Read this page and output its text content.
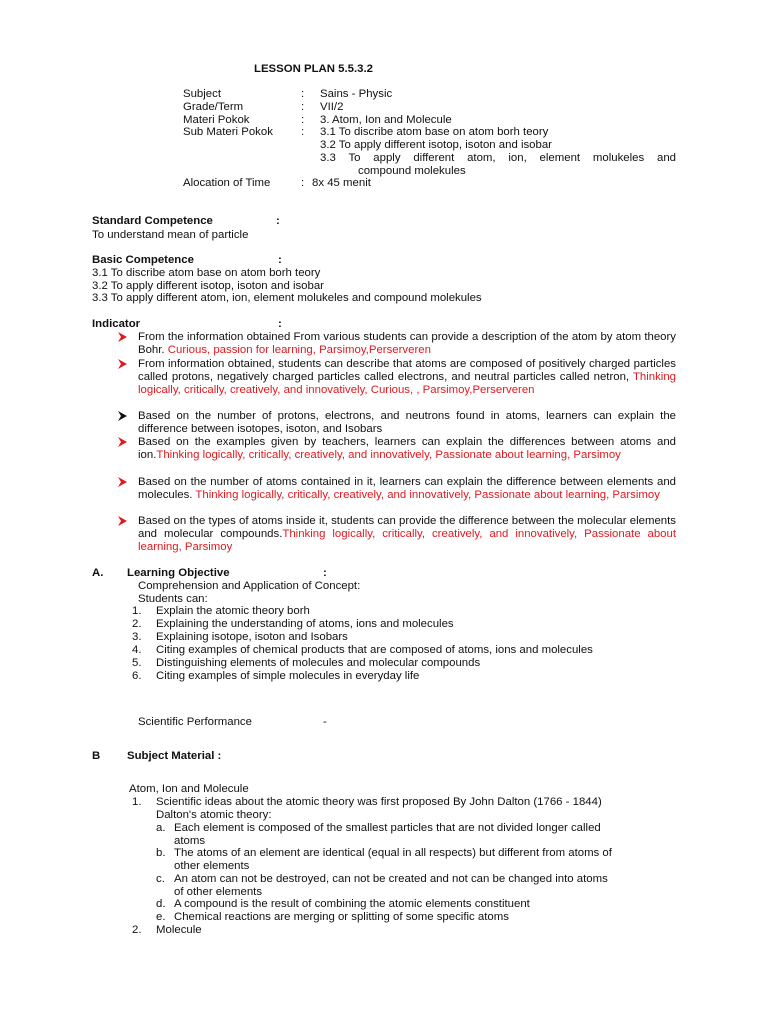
LESSON PLAN 5.5.3.2
Subject	: Sains - Physic
Grade/Term	: VII/2
Materi Pokok	: 3. Atom, Ion and Molecule
Sub Materi Pokok : 3.1 To discribe atom base on atom borh teory
3.2 To apply different isotop, isoton and isobar
3.3 To apply different atom, ion, element molukeles and
compound molekules
Alocation of Time	: 8x 45 menit
Standard Competence	:
To understand mean of particle
Basic Competence	:
3.1 To discribe atom base on atom borh teory
3.2 To apply different isotop, isoton and isobar
3.3 To apply different atom, ion, element molukeles and compound molekules
Indicator	:
From the information obtained From various students can provide a description of the atom by atom theory Bohr. Curious, passion for learning, Parsimoy,Perserveren
From information obtained, students can describe that atoms are composed of positively charged particles called protons, negatively charged particles called electrons, and neutral particles called netron, Thinking logically, critically, creatively, and innovatively, Curious, , Parsimoy,Perserveren
Based on the number of protons, electrons, and neutrons found in atoms, learners can explain the difference between isotopes, isoton, and Isobars
Based on the examples given by teachers, learners can explain the differences between atoms and ion.Thinking logically, critically, creatively, and innovatively, Passionate about learning, Parsimoy
Based on the number of atoms contained in it, learners can explain the difference between elements and molecules. Thinking logically, critically, creatively, and innovatively, Passionate about learning, Parsimoy
Based on the types of atoms inside it, students can provide the difference between the molecular elements and molecular compounds.Thinking logically, critically, creatively, and innovatively, Passionate about learning, Parsimoy
A. Learning Objective	:
Comprehension and Application of Concept:
Students can:
1. Explain the atomic theory borh
2. Explaining the understanding of atoms, ions and molecules
3. Explaining isotope, isoton and Isobars
4. Citing examples of chemical products that are composed of atoms, ions and molecules
5. Distinguishing elements of molecules and molecular compounds
6. Citing examples of simple molecules in everyday life
Scientific Performance	-
B Subject Material :
Atom, Ion and Molecule
1. Scientific ideas about the atomic theory was first proposed By John Dalton (1766 - 1844)
Dalton's atomic theory:
a. Each element is composed of the smallest particles that are not divided longer called
atoms
b. The atoms of an element are identical (equal in all respects) but different from atoms of
other elements
c. An atom can not be destroyed, can not be created and not can be changed into atoms
of other elements
d. A compound is the result of combining the atomic elements constituent
e. Chemical reactions are merging or splitting of some specific atoms
2. Molecule
